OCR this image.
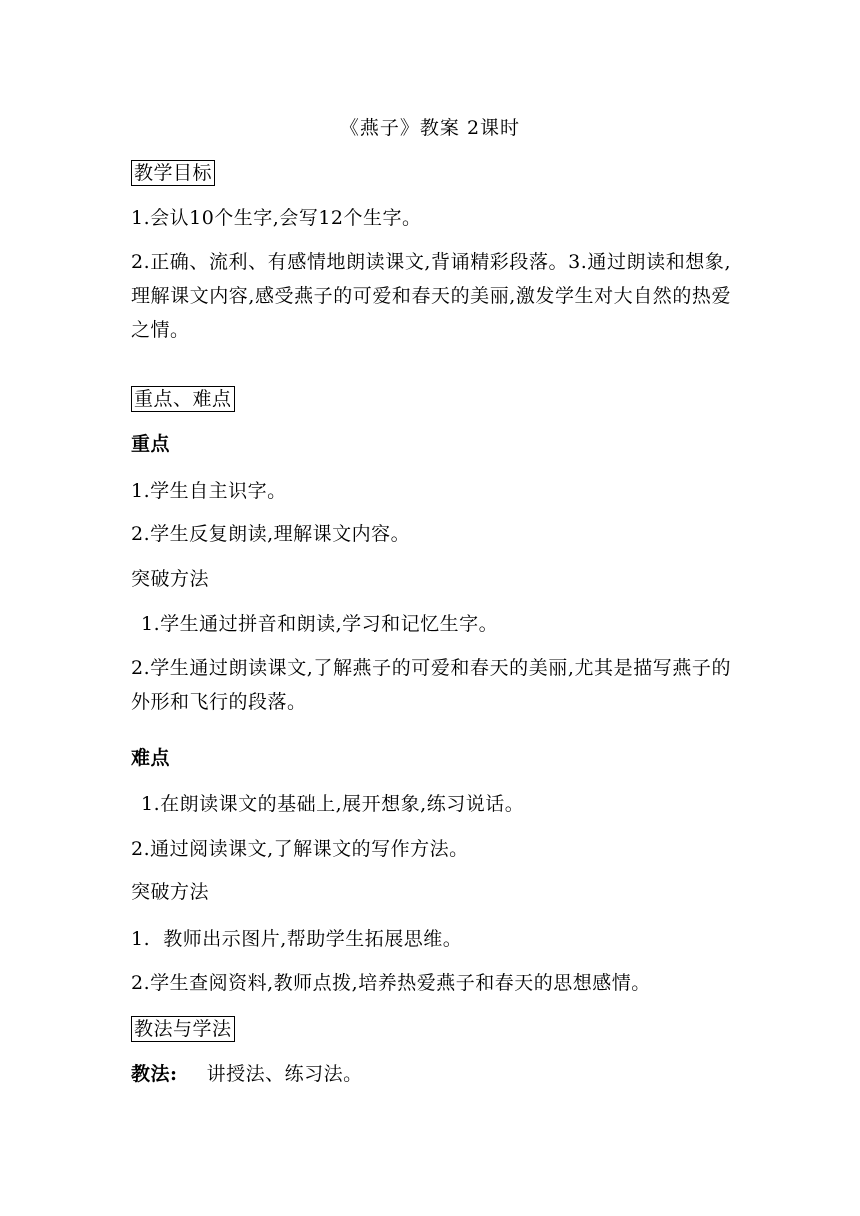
《燕子》教案 2课时
教学目标
1.会认10个生字,会写12个生字。
2.正确、流利、有感情地朗读课文,背诵精彩段落。3.通过朗读和想象,理解课文内容,感受燕子的可爱和春天的美丽,激发学生对大自然的热爱之情。
重点、难点
重点
1.学生自主识字。
2.学生反复朗读,理解课文内容。
突破方法
1.学生通过拼音和朗读,学习和记忆生字。
2.学生通过朗读课文,了解燕子的可爱和春天的美丽,尤其是描写燕子的外形和飞行的段落。
难点
1.在朗读课文的基础上,展开想象,练习说话。
2.通过阅读课文,了解课文的写作方法。
突破方法
1.  教师出示图片,帮助学生拓展思维。
2.学生查阅资料,教师点拨,培养热爱燕子和春天的思想感情。
教法与学法
教法: 讲授法、练习法。
